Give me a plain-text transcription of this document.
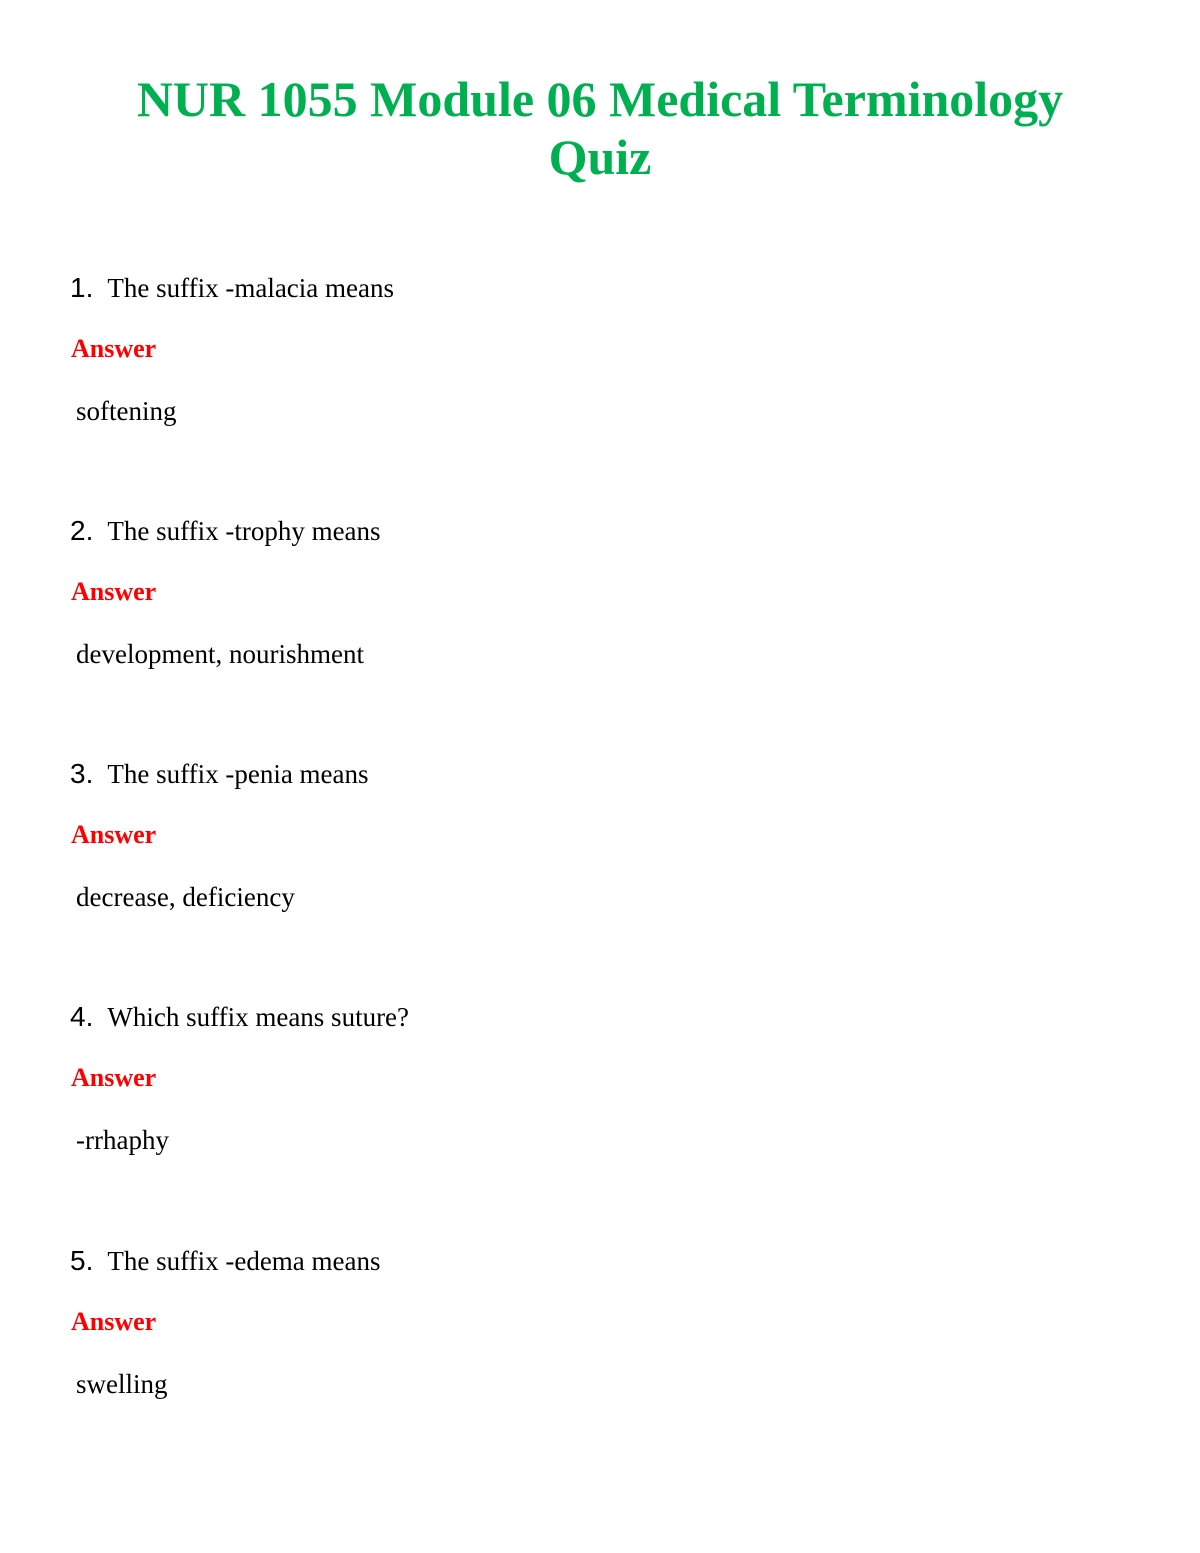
NUR 1055 Module 06 Medical Terminology
Quiz
1. The suffix -malacia means
Answer
softening
2. The suffix -trophy means
Answer
development, nourishment
3. The suffix -penia means
Answer
decrease, deficiency
4. Which suffix means suture?
Answer
-rrhaphy
5. The suffix -edema means
Answer
swelling
